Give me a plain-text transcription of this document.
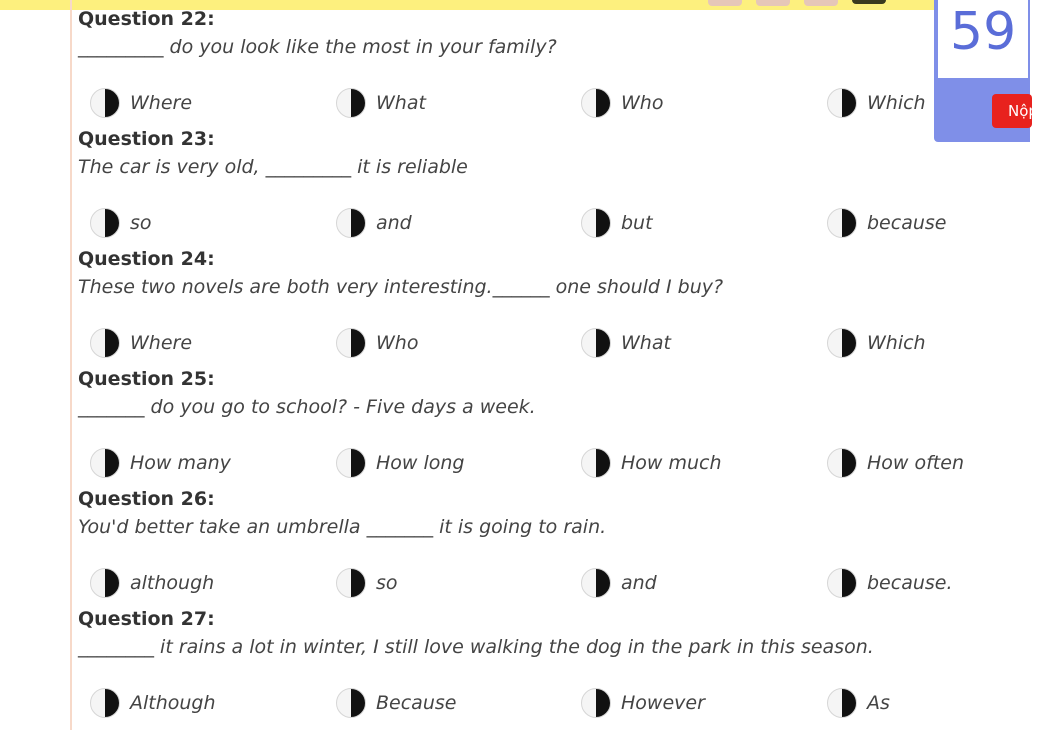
Question 22:
_________ do you look like the most in your family?
Where	What	Who	Which
Question 23:
The car is very old, _________ it is reliable
so	and	but	because
Question 24:
These two novels are both very interesting.______ one should I buy?
Where	Who	What	Which
Question 25:
_______ do you go to school? - Five days a week.
How many	How long	How much	How often
Question 26:
You'd better take an umbrella _______ it is going to rain.
although	so	and	because.
Question 27:
________ it rains a lot in winter, I still love walking the dog in the park in this season.
Although	Because	However	As
59
Nộp
